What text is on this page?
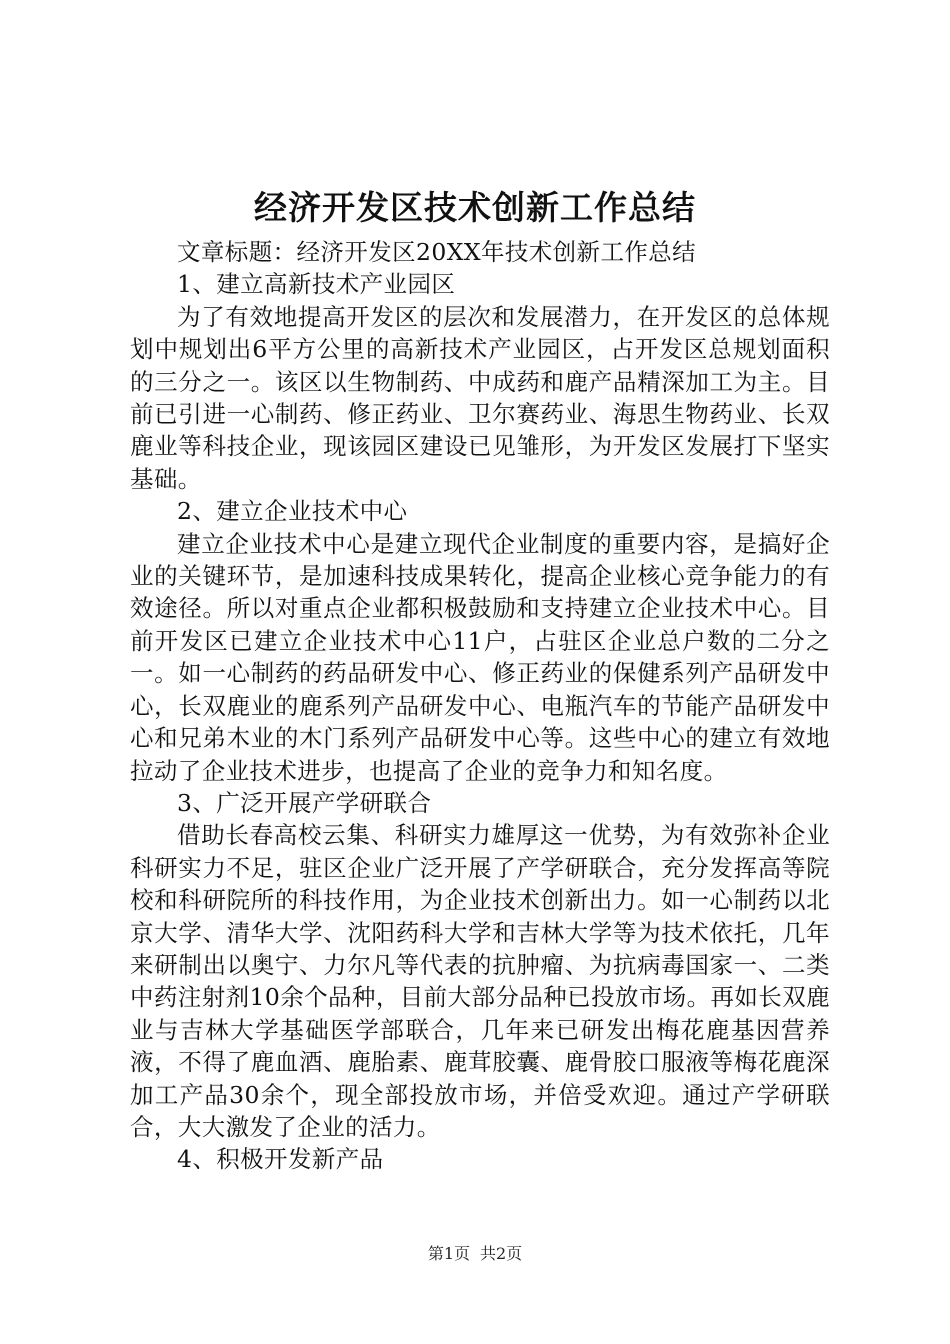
经济开发区技术创新工作总结

文章标题：经济开发区20XX年技术创新工作总结

1、建立高新技术产业园区

为了有效地提高开发区的层次和发展潜力，在开发区的总体规划中规划出6平方公里的高新技术产业园区，占开发区总规划面积的三分之一。该区以生物制药、中成药和鹿产品精深加工为主。目前已引进一心制药、修正药业、卫尔赛药业、海思生物药业、长双鹿业等科技企业，现该园区建设已见雏形，为开发区发展打下坚实基础。

2、建立企业技术中心

建立企业技术中心是建立现代企业制度的重要内容，是搞好企业的关键环节，是加速科技成果转化，提高企业核心竞争能力的有效途径。所以对重点企业都积极鼓励和支持建立企业技术中心。目前开发区已建立企业技术中心11户，占驻区企业总户数的二分之一。如一心制药的药品研发中心、修正药业的保健系列产品研发中心，长双鹿业的鹿系列产品研发中心、电瓶汽车的节能产品研发中心和兄弟木业的木门系列产品研发中心等。这些中心的建立有效地拉动了企业技术进步，也提高了企业的竞争力和知名度。

3、广泛开展产学研联合

借助长春高校云集、科研实力雄厚这一优势，为有效弥补企业科研实力不足，驻区企业广泛开展了产学研联合，充分发挥高等院校和科研院所的科技作用，为企业技术创新出力。如一心制药以北京大学、清华大学、沈阳药科大学和吉林大学等为技术依托，几年来研制出以奥宁、力尔凡等代表的抗肿瘤、为抗病毒国家一、二类中药注射剂10余个品种，目前大部分品种已投放市场。再如长双鹿业与吉林大学基础医学部联合，几年来已研发出梅花鹿基因营养液，不得了鹿血酒、鹿胎素、鹿茸胶囊、鹿骨胶口服液等梅花鹿深加工产品30余个，现全部投放市场，并倍受欢迎。通过产学研联合，大大激发了企业的活力。

4、积极开发新产品

第1页 共2页
